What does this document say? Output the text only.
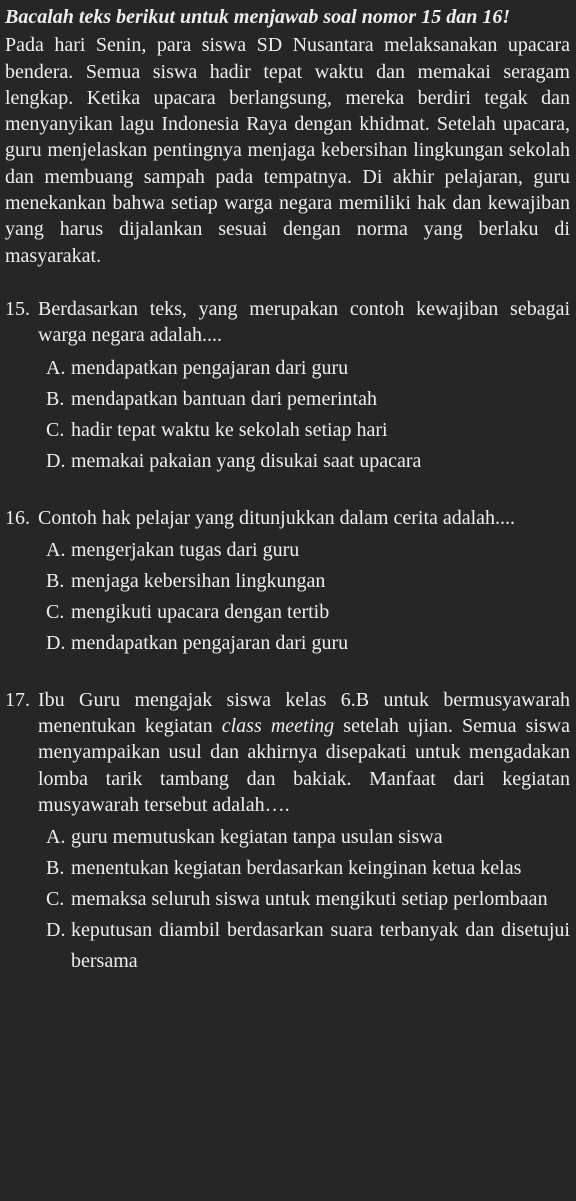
Bacalah teks berikut untuk menjawab soal nomor 15 dan 16!

Pada hari Senin, para siswa SD Nusantara melaksanakan upacara bendera. Semua siswa hadir tepat waktu dan memakai seragam lengkap. Ketika upacara berlangsung, mereka berdiri tegak dan menyanyikan lagu Indonesia Raya dengan khidmat. Setelah upacara, guru menjelaskan pentingnya menjaga kebersihan lingkungan sekolah dan membuang sampah pada tempatnya. Di akhir pelajaran, guru menekankan bahwa setiap warga negara memiliki hak dan kewajiban yang harus dijalankan sesuai dengan norma yang berlaku di masyarakat.

15. Berdasarkan teks, yang merupakan contoh kewajiban sebagai warga negara adalah....
A. mendapatkan pengajaran dari guru
B. mendapatkan bantuan dari pemerintah
C. hadir tepat waktu ke sekolah setiap hari
D. memakai pakaian yang disukai saat upacara
16. Contoh hak pelajar yang ditunjukkan dalam cerita adalah....
A. mengerjakan tugas dari guru
B. menjaga kebersihan lingkungan
C. mengikuti upacara dengan tertib
D. mendapatkan pengajaran dari guru
17. Ibu Guru mengajak siswa kelas 6.B untuk bermusyawarah menentukan kegiatan class meeting setelah ujian. Semua siswa menyampaikan usul dan akhirnya disepakati untuk mengadakan lomba tarik tambang dan bakiak. Manfaat dari kegiatan musyawarah tersebut adalah….
A. guru memutuskan kegiatan tanpa usulan siswa
B. menentukan kegiatan berdasarkan keinginan ketua kelas
C. memaksa seluruh siswa untuk mengikuti setiap perlombaan
D. keputusan diambil berdasarkan suara terbanyak dan disetujui bersama
